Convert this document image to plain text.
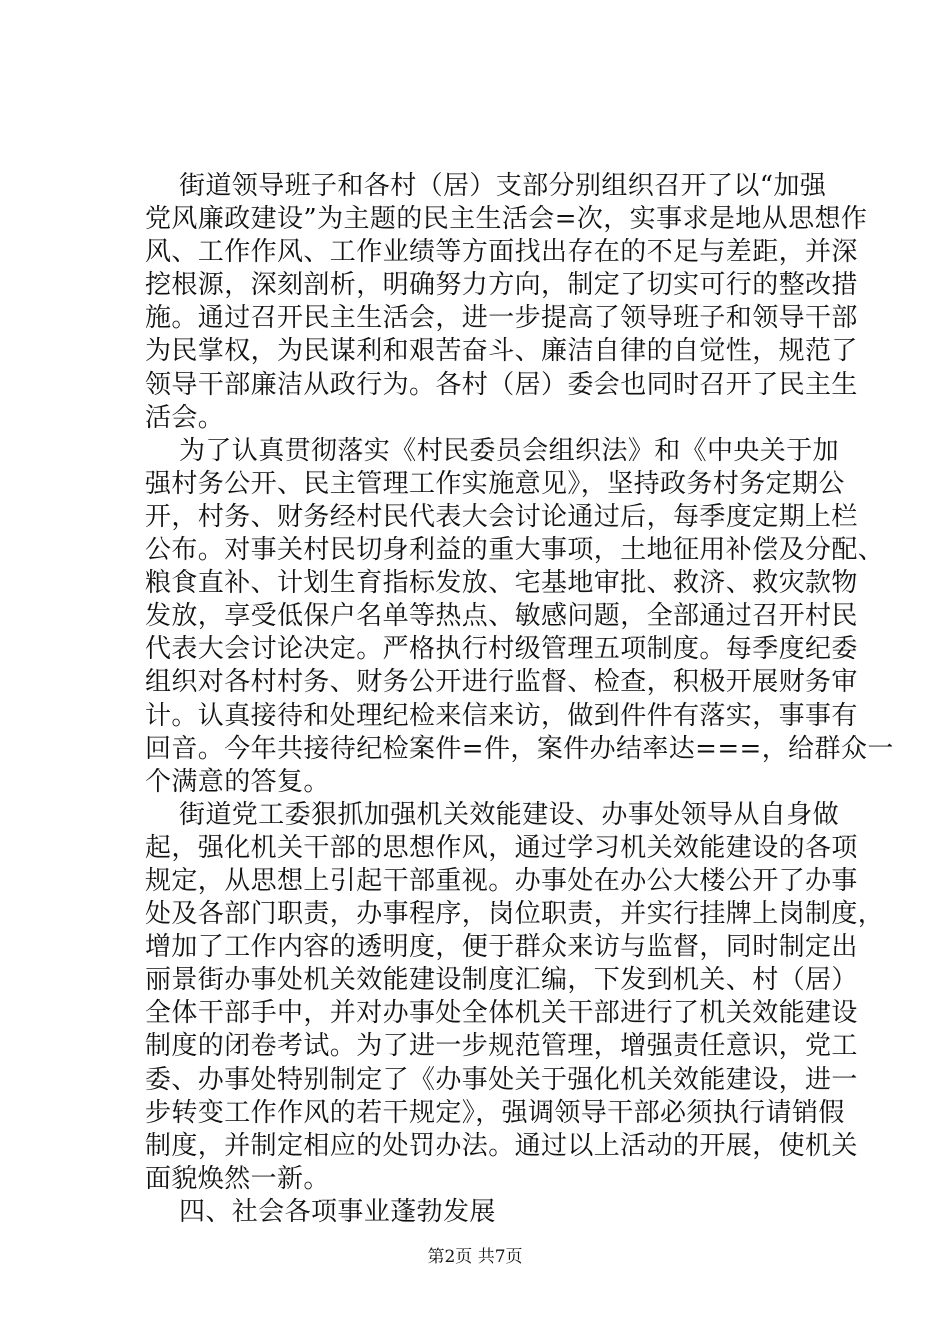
街道领导班子和各村（居）支部分别组织召开了以“加强
党风廉政建设”为主题的民主生活会=次，实事求是地从思想作
风、工作作风、工作业绩等方面找出存在的不足与差距，并深
挖根源，深刻剖析，明确努力方向，制定了切实可行的整改措
施。通过召开民主生活会，进一步提高了领导班子和领导干部
为民掌权，为民谋利和艰苦奋斗、廉洁自律的自觉性，规范了
领导干部廉洁从政行为。各村（居）委会也同时召开了民主生
活会。
为了认真贯彻落实《村民委员会组织法》和《中央关于加
强村务公开、民主管理工作实施意见》，坚持政务村务定期公
开，村务、财务经村民代表大会讨论通过后，每季度定期上栏
公布。对事关村民切身利益的重大事项，土地征用补偿及分配、
粮食直补、计划生育指标发放、宅基地审批、救济、救灾款物
发放，享受低保户名单等热点、敏感问题，全部通过召开村民
代表大会讨论决定。严格执行村级管理五项制度。每季度纪委
组织对各村村务、财务公开进行监督、检查，积极开展财务审
计。认真接待和处理纪检来信来访，做到件件有落实，事事有
回音。今年共接待纪检案件=件，案件办结率达===，给群众一
个满意的答复。
街道党工委狠抓加强机关效能建设、办事处领导从自身做
起，强化机关干部的思想作风，通过学习机关效能建设的各项
规定，从思想上引起干部重视。办事处在办公大楼公开了办事
处及各部门职责，办事程序，岗位职责，并实行挂牌上岗制度，
增加了工作内容的透明度，便于群众来访与监督，同时制定出
丽景街办事处机关效能建设制度汇编，下发到机关、村（居）
全体干部手中，并对办事处全体机关干部进行了机关效能建设
制度的闭卷考试。为了进一步规范管理，增强责任意识，党工
委、办事处特别制定了《办事处关于强化机关效能建设，进一
步转变工作作风的若干规定》，强调领导干部必须执行请销假
制度，并制定相应的处罚办法。通过以上活动的开展，使机关
面貌焕然一新。
四、社会各项事业蓬勃发展
第2页 共7页
